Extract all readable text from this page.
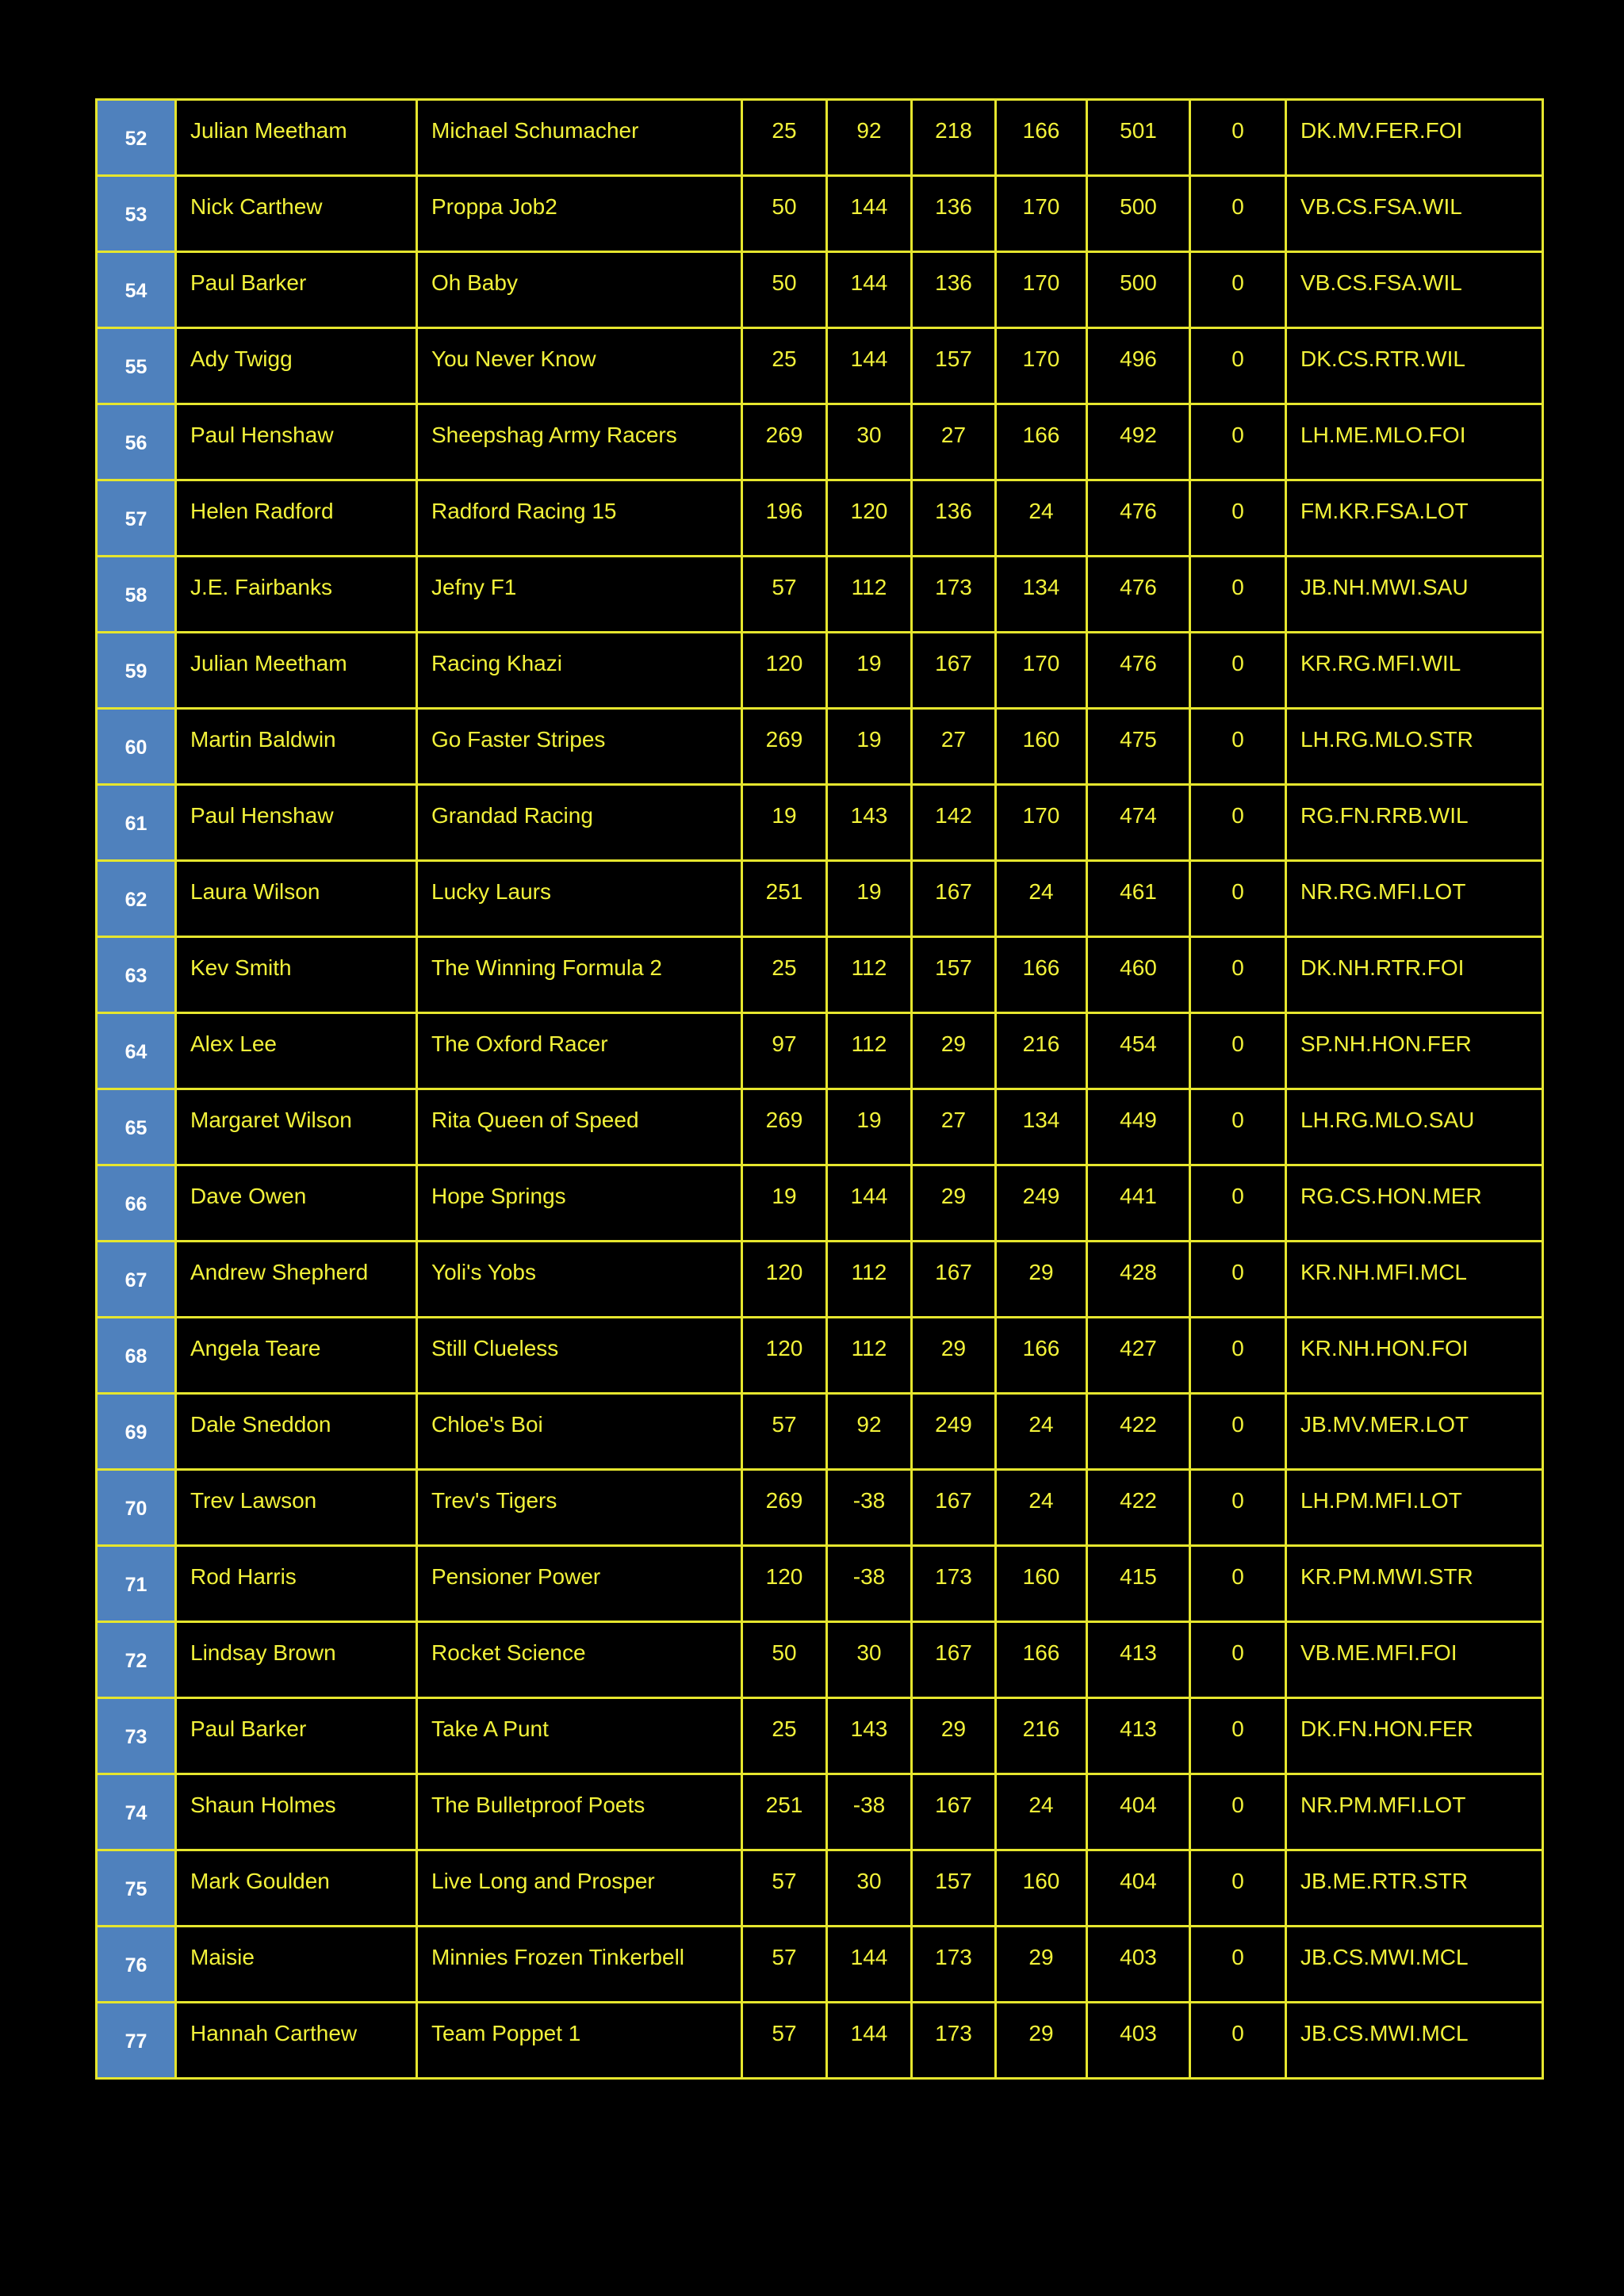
52	Julian Meetham	Michael Schumacher	25	92	218	166	501	0	DK.MV.FER.FOI
53	Nick Carthew	Proppa Job2	50	144	136	170	500	0	VB.CS.FSA.WIL
54	Paul Barker	Oh Baby	50	144	136	170	500	0	VB.CS.FSA.WIL
55	Ady Twigg	You Never Know	25	144	157	170	496	0	DK.CS.RTR.WIL
56	Paul Henshaw	Sheepshag Army Racers	269	30	27	166	492	0	LH.ME.MLO.FOI
57	Helen Radford	Radford Racing 15	196	120	136	24	476	0	FM.KR.FSA.LOT
58	J.E. Fairbanks	Jefny F1	57	112	173	134	476	0	JB.NH.MWI.SAU
59	Julian Meetham	Racing Khazi	120	19	167	170	476	0	KR.RG.MFI.WIL
60	Martin Baldwin	Go Faster Stripes	269	19	27	160	475	0	LH.RG.MLO.STR
61	Paul Henshaw	Grandad Racing	19	143	142	170	474	0	RG.FN.RRB.WIL
62	Laura Wilson	Lucky Laurs	251	19	167	24	461	0	NR.RG.MFI.LOT
63	Kev Smith	The Winning Formula 2	25	112	157	166	460	0	DK.NH.RTR.FOI
64	Alex Lee	The Oxford Racer	97	112	29	216	454	0	SP.NH.HON.FER
65	Margaret Wilson	Rita Queen of Speed	269	19	27	134	449	0	LH.RG.MLO.SAU
66	Dave Owen	Hope Springs	19	144	29	249	441	0	RG.CS.HON.MER
67	Andrew Shepherd	Yoli's Yobs	120	112	167	29	428	0	KR.NH.MFI.MCL
68	Angela Teare	Still Clueless	120	112	29	166	427	0	KR.NH.HON.FOI
69	Dale Sneddon	Chloe's Boi	57	92	249	24	422	0	JB.MV.MER.LOT
70	Trev Lawson	Trev's Tigers	269	-38	167	24	422	0	LH.PM.MFI.LOT
71	Rod Harris	Pensioner Power	120	-38	173	160	415	0	KR.PM.MWI.STR
72	Lindsay Brown	Rocket Science	50	30	167	166	413	0	VB.ME.MFI.FOI
73	Paul Barker	Take A Punt	25	143	29	216	413	0	DK.FN.HON.FER
74	Shaun Holmes	The Bulletproof Poets	251	-38	167	24	404	0	NR.PM.MFI.LOT
75	Mark Goulden	Live Long and Prosper	57	30	157	160	404	0	JB.ME.RTR.STR
76	Maisie	Minnies Frozen Tinkerbell	57	144	173	29	403	0	JB.CS.MWI.MCL
77	Hannah Carthew	Team Poppet 1	57	144	173	29	403	0	JB.CS.MWI.MCL
